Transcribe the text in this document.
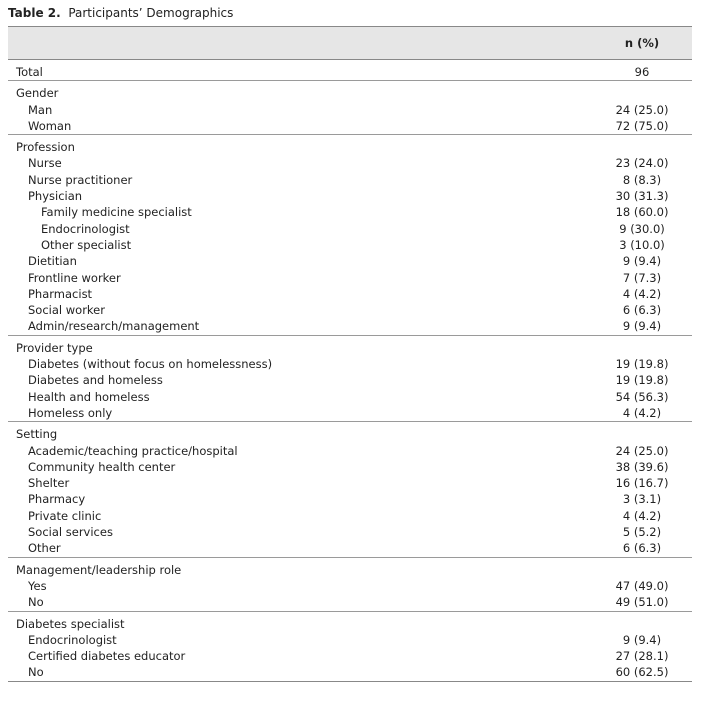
Table 2. Participants’ Demographics
	n (%)

Total	96

Gender	
Man	24 (25.0)
Woman	72 (75.0)

Profession	
Nurse	23 (24.0)
Nurse practitioner	8 (8.3)
Physician	30 (31.3)
Family medicine specialist	18 (60.0)
Endocrinologist	9 (30.0)
Other specialist	3 (10.0)
Dietitian	9 (9.4)
Frontline worker	7 (7.3)
Pharmacist	4 (4.2)
Social worker	6 (6.3)
Admin/research/management	9 (9.4)

Provider type	
Diabetes (without focus on homelessness)	19 (19.8)
Diabetes and homeless	19 (19.8)
Health and homeless	54 (56.3)
Homeless only	4 (4.2)

Setting	
Academic/teaching practice/hospital	24 (25.0)
Community health center	38 (39.6)
Shelter	16 (16.7)
Pharmacy	3 (3.1)
Private clinic	4 (4.2)
Social services	5 (5.2)
Other	6 (6.3)

Management/leadership role	
Yes	47 (49.0)
No	49 (51.0)

Diabetes specialist	
Endocrinologist	9 (9.4)
Certified diabetes educator	27 (28.1)
No	60 (62.5)
